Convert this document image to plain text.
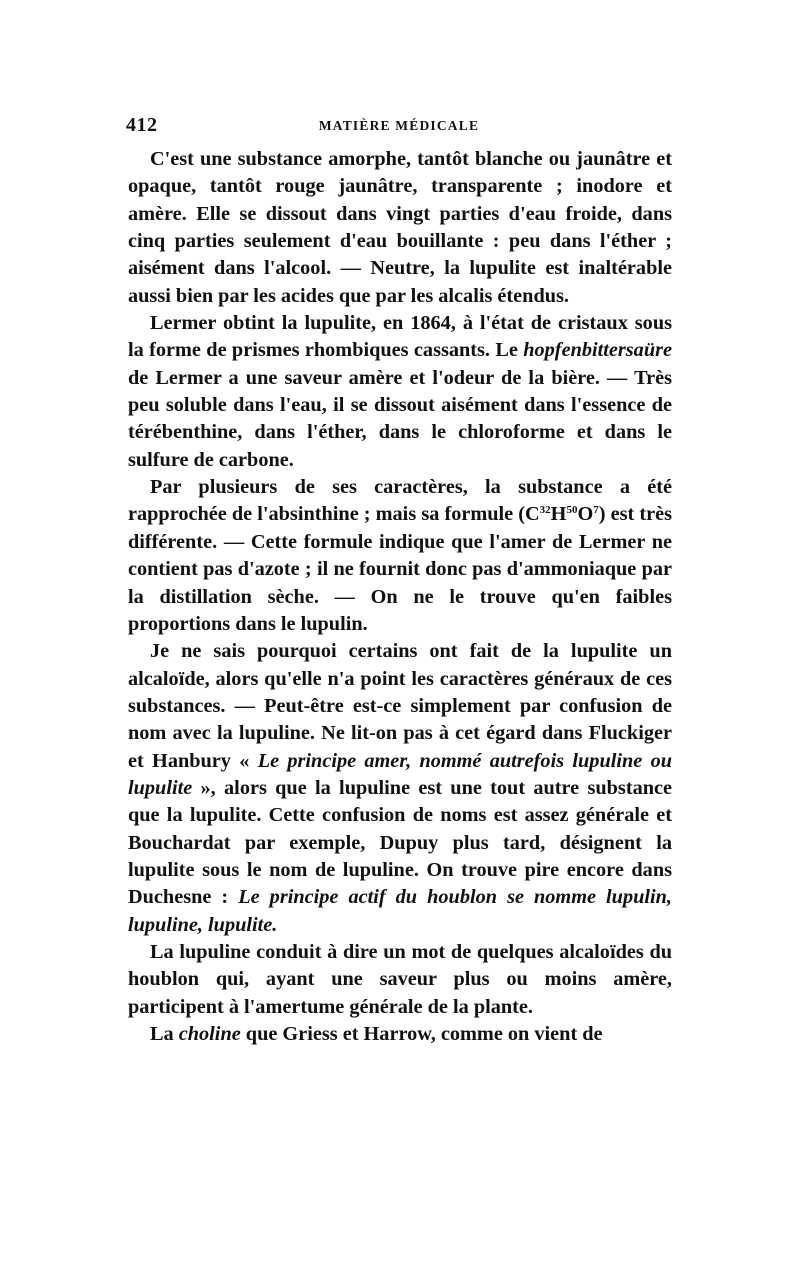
412	MATIÈRE MÉDICALE

C'est une substance amorphe, tantôt blanche ou jaunâtre et opaque, tantôt rouge jaunâtre, transparente ; inodore et amère. Elle se dissout dans vingt parties d'eau froide, dans cinq parties seulement d'eau bouillante : peu dans l'éther ; aisément dans l'alcool. — Neutre, la lupulite est inaltérable aussi bien par les acides que par les alcalis étendus.

Lermer obtint la lupulite, en 1864, à l'état de cristaux sous la forme de prismes rhombiques cassants. Le hopfenbittersaüre de Lermer a une saveur amère et l'odeur de la bière. — Très peu soluble dans l'eau, il se dissout aisément dans l'essence de térébenthine, dans l'éther, dans le chloroforme et dans le sulfure de carbone.

Par plusieurs de ses caractères, la substance a été rapprochée de l'absinthine ; mais sa formule $(C^{32}H^{50}O^7)$ est très différente. — Cette formule indique que l'amer de Lermer ne contient pas d'azote ; il ne fournit donc pas d'ammoniaque par la distillation sèche. — On ne le trouve qu'en faibles proportions dans le lupulin.

Je ne sais pourquoi certains ont fait de la lupulite un alcaloïde, alors qu'elle n'a point les caractères généraux de ces substances. — Peut-être est-ce simplement par confusion de nom avec la lupuline. Ne lit-on pas à cet égard dans Fluckiger et Hanbury « Le principe amer, nommé autrefois lupuline ou lupulite », alors que la lupuline est une tout autre substance que la lupulite. Cette confusion de noms est assez générale et Bouchardat par exemple, Dupuy plus tard, désignent la lupulite sous le nom de lupuline. On trouve pire encore dans Duchesne : Le principe actif du houblon se nomme lupulin, lupuline, lupulite.

La lupuline conduit à dire un mot de quelques alcaloïdes du houblon qui, ayant une saveur plus ou moins amère, participent à l'amertume générale de la plante.

La choline que Griess et Harrow, comme on vient de
